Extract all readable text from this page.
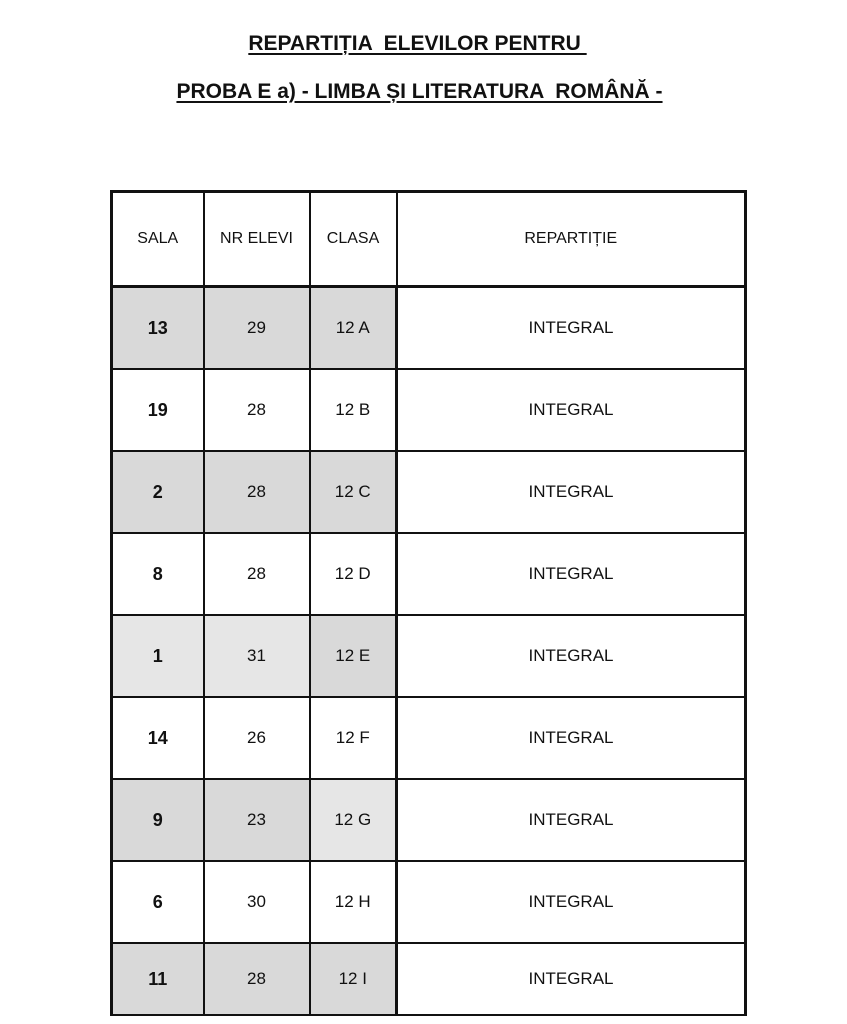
REPARTIȚIA  ELEVILOR PENTRU
PROBA E a) - LIMBA ȘI LITERATURA  ROMÂNĂ -
SALA	NR ELEVI	CLASA	REPARTIȚIE
13	29	12 A	INTEGRAL
19	28	12 B	INTEGRAL
2	28	12 C	INTEGRAL
8	28	12 D	INTEGRAL
1	31	12 E	INTEGRAL
14	26	12 F	INTEGRAL
9	23	12 G	INTEGRAL
6	30	12 H	INTEGRAL
11	28	12 I	INTEGRAL
